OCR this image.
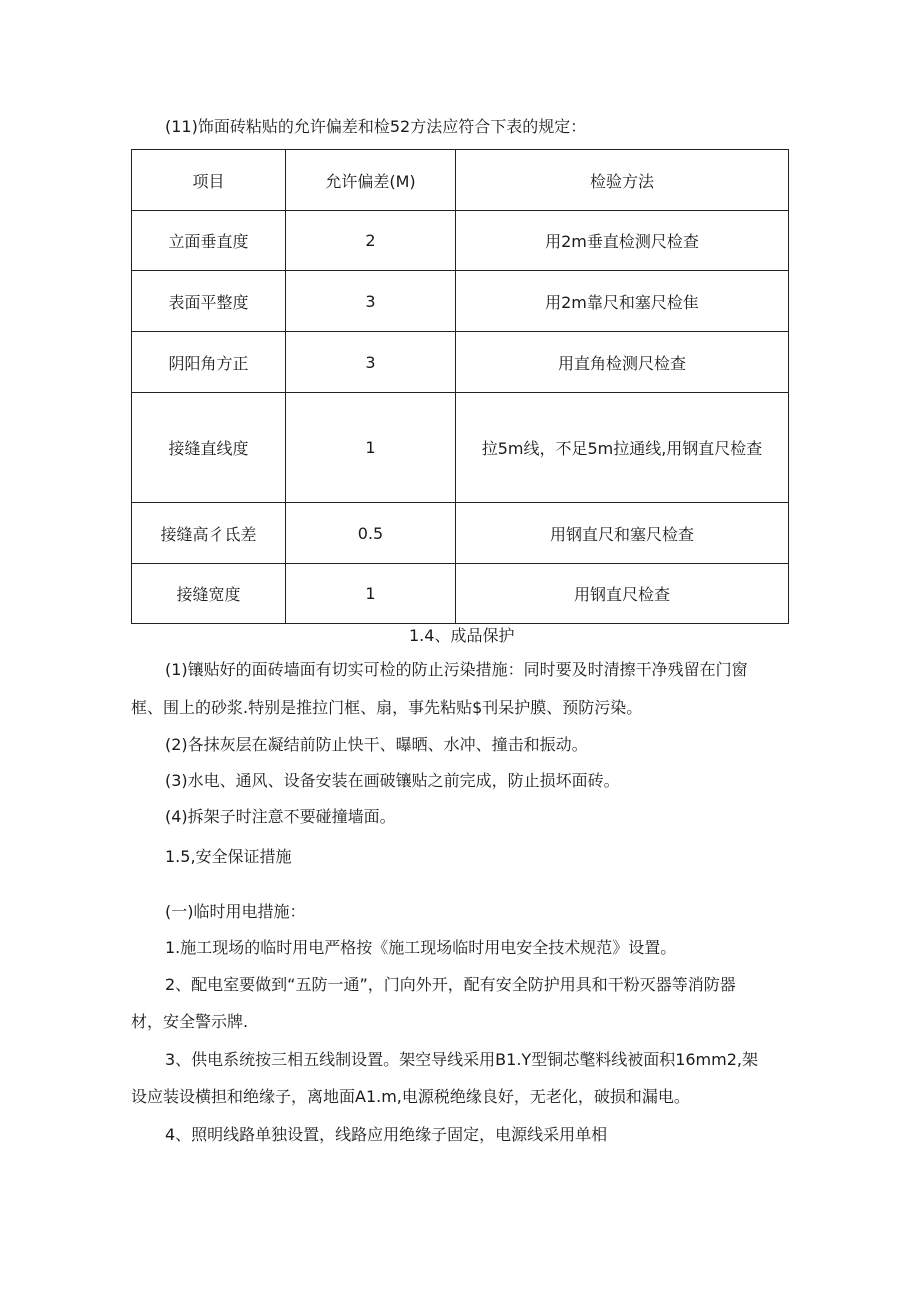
(11)饰面砖粘贴的允许偏差和检52方法应符合下表的规定：
项目	允许偏差(M)	检验方法
立面垂直度	2	用2m垂直检测尺检查
表面平整度	3	用2m靠尺和塞尺检隹
阴阳角方正	3	用直角检测尺检查
接缝直线度	1	拉5m线，不足5m拉通线,用钢直尺检查
接缝高彳氐差	0.5	用钢直尺和塞尺检查
接缝宽度	1	用钢直尺检查
1.4、成品保护
(1)镶贴好的面砖墙面有切实可检的防止污染措施：同时要及时清擦干净残留在门窗
框、围上的砂浆.特别是推拉门框、扇，事先粘贴$刊呆护膜、预防污染。
(2)各抹灰层在凝结前防止快干、曝晒、水冲、撞击和振动。
(3)水电、通风、设备安装在画破镶贴之前完成，防止损坏面砖。
(4)拆架子时注意不要碰撞墙面。
1.5,安全保证措施
(一)临时用电措施：
1.施工现场的临时用电严格按《施工现场临时用电安全技术规范》设置。
2、配电室要做到“五防一通”，门向外开，配有安全防护用具和干粉灭器等消防器
材，安全警示牌.
3、供电系统按三相五线制设置。架空导线采用B1.Y型铜芯氅料线被面积16mm2,架
设应装设横担和绝缘子，离地面A1.m,电源税绝缘良好，无老化，破损和漏电。
4、照明线路单独设置，线路应用绝缘子固定，电源线采用单相
